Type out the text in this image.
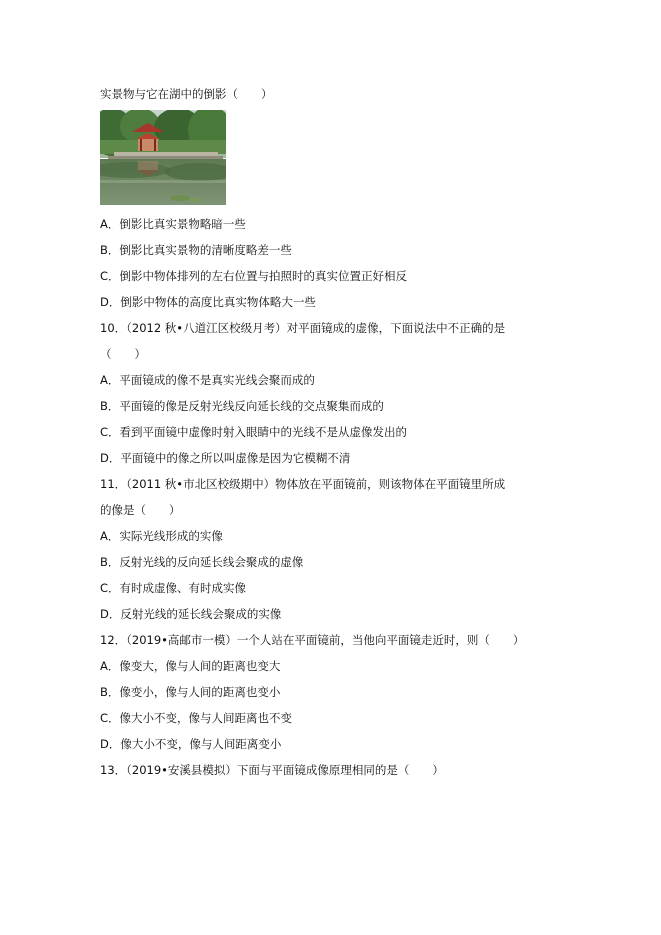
实景物与它在湖中的倒影（　　）
A．倒影比真实景物略暗一些
B．倒影比真实景物的清晰度略差一些
C．倒影中物体排列的左右位置与拍照时的真实位置正好相反
D．倒影中物体的高度比真实物体略大一些
10．（2012 秋•八道江区校级月考）对平面镜成的虚像，下面说法中不正确的是
（　　）
A．平面镜成的像不是真实光线会聚而成的
B．平面镜的像是反射光线反向延长线的交点聚集而成的
C．看到平面镜中虚像时射入眼睛中的光线不是从虚像发出的
D．平面镜中的像之所以叫虚像是因为它模糊不清
11．（2011 秋•市北区校级期中）物体放在平面镜前，则该物体在平面镜里所成
的像是（　　）
A．实际光线形成的实像
B．反射光线的反向延长线会聚成的虚像
C．有时成虚像、有时成实像
D．反射光线的延长线会聚成的实像
12．（2019•高邮市一模）一个人站在平面镜前，当他向平面镜走近时，则（　　）
A．像变大，像与人间的距离也变大
B．像变小，像与人间的距离也变小
C．像大小不变，像与人间距离也不变
D．像大小不变，像与人间距离变小
13．（2019•安溪县模拟）下面与平面镜成像原理相同的是（　　）
